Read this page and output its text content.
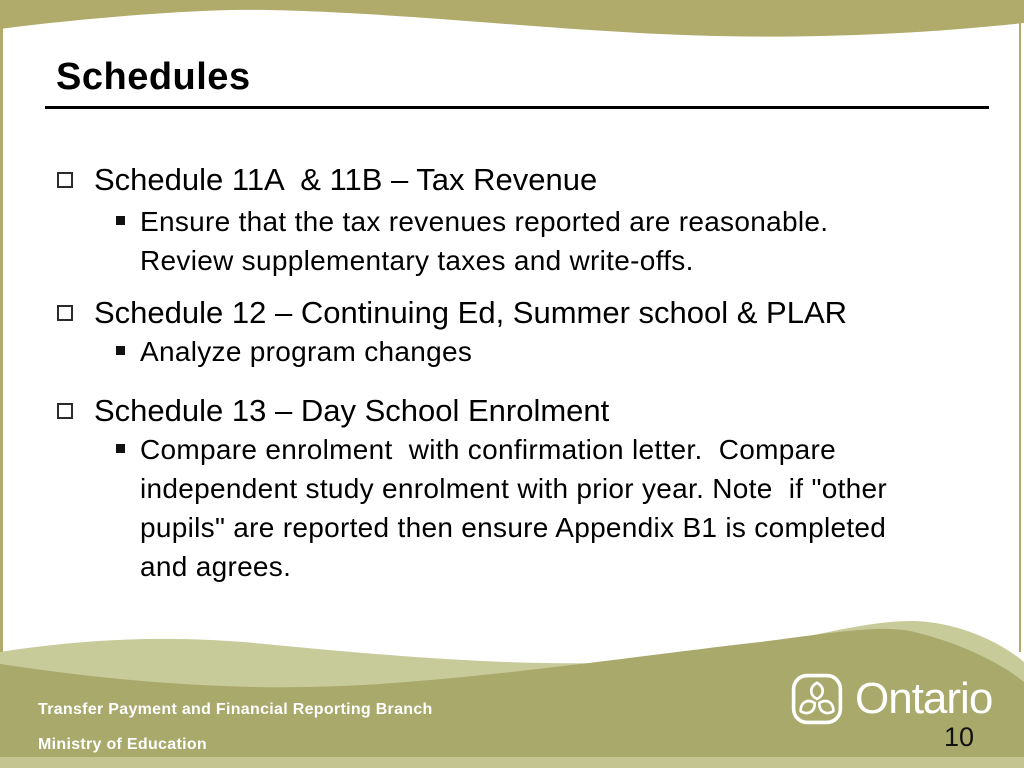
Schedules
Schedule 11A  & 11B – Tax Revenue
Ensure that the tax revenues reported are reasonable. Review supplementary taxes and write-offs.
Schedule 12 – Continuing Ed, Summer school & PLAR
Analyze program changes
Schedule 13 – Day School Enrolment
Compare enrolment  with confirmation letter.  Compare independent study enrolment with prior year. Note  if "other pupils" are reported then ensure Appendix B1 is completed and agrees.
Transfer Payment and Financial Reporting Branch
Ministry of Education
Ontario
10
